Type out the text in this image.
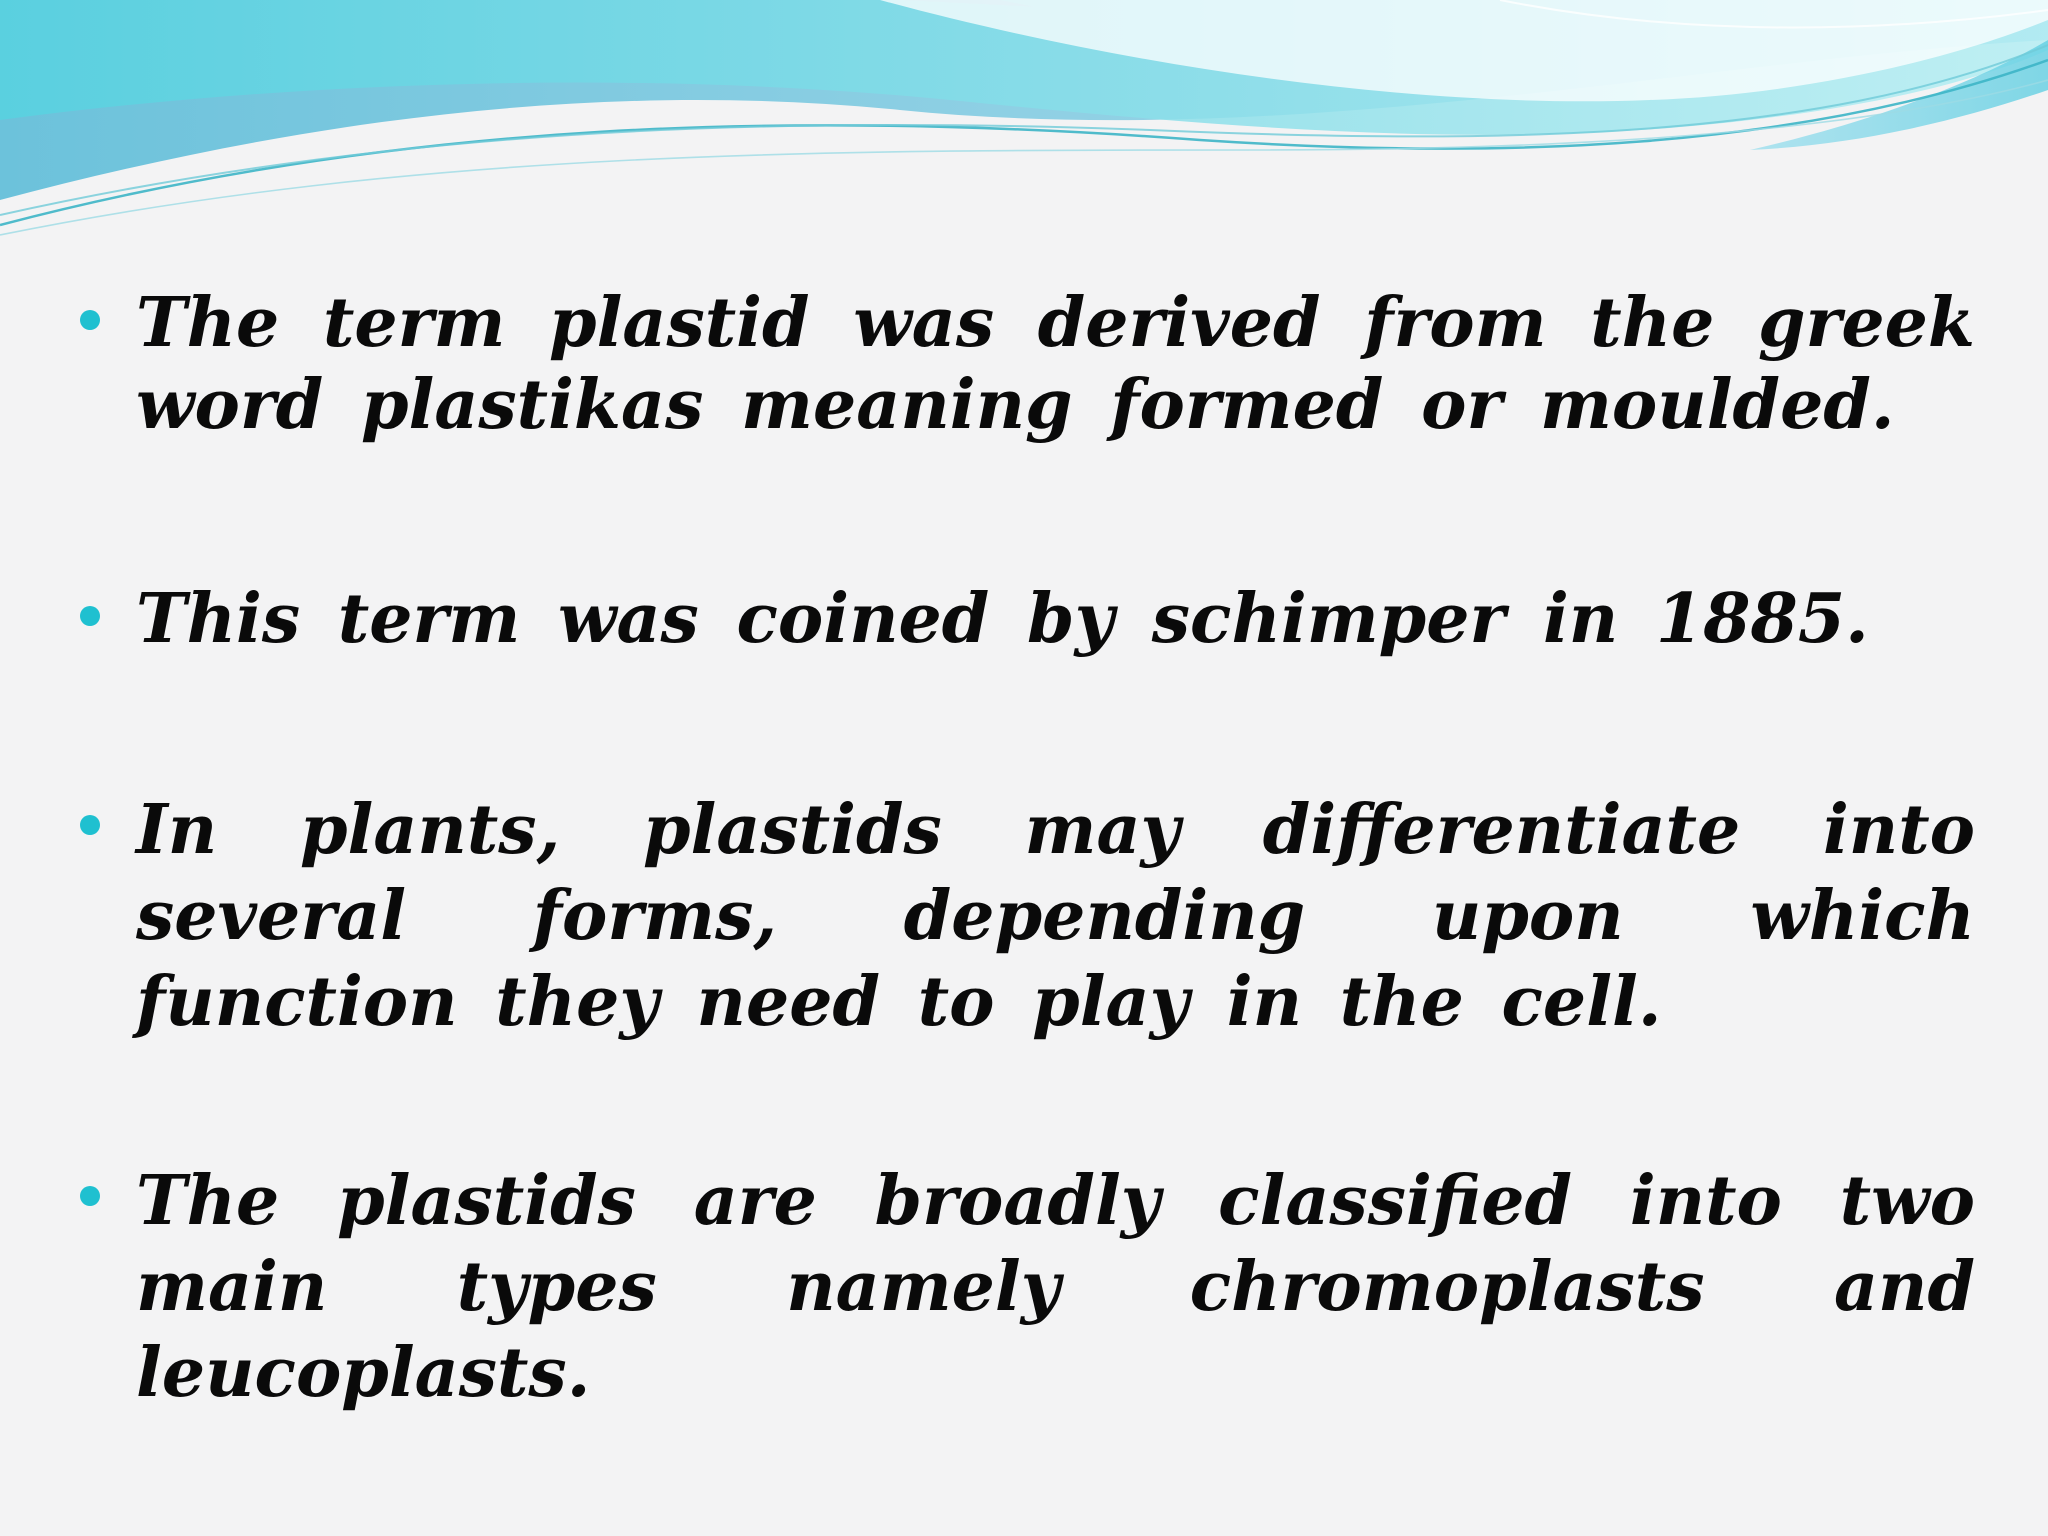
The term plastid was derived from the greek word plastikas meaning formed or moulded.

This term was coined by schimper in 1885.

In plants, plastids may differentiate into several forms, depending upon which function they need to play in the cell.

The plastids are broadly classified into two main types namely chromoplasts and leucoplasts.
